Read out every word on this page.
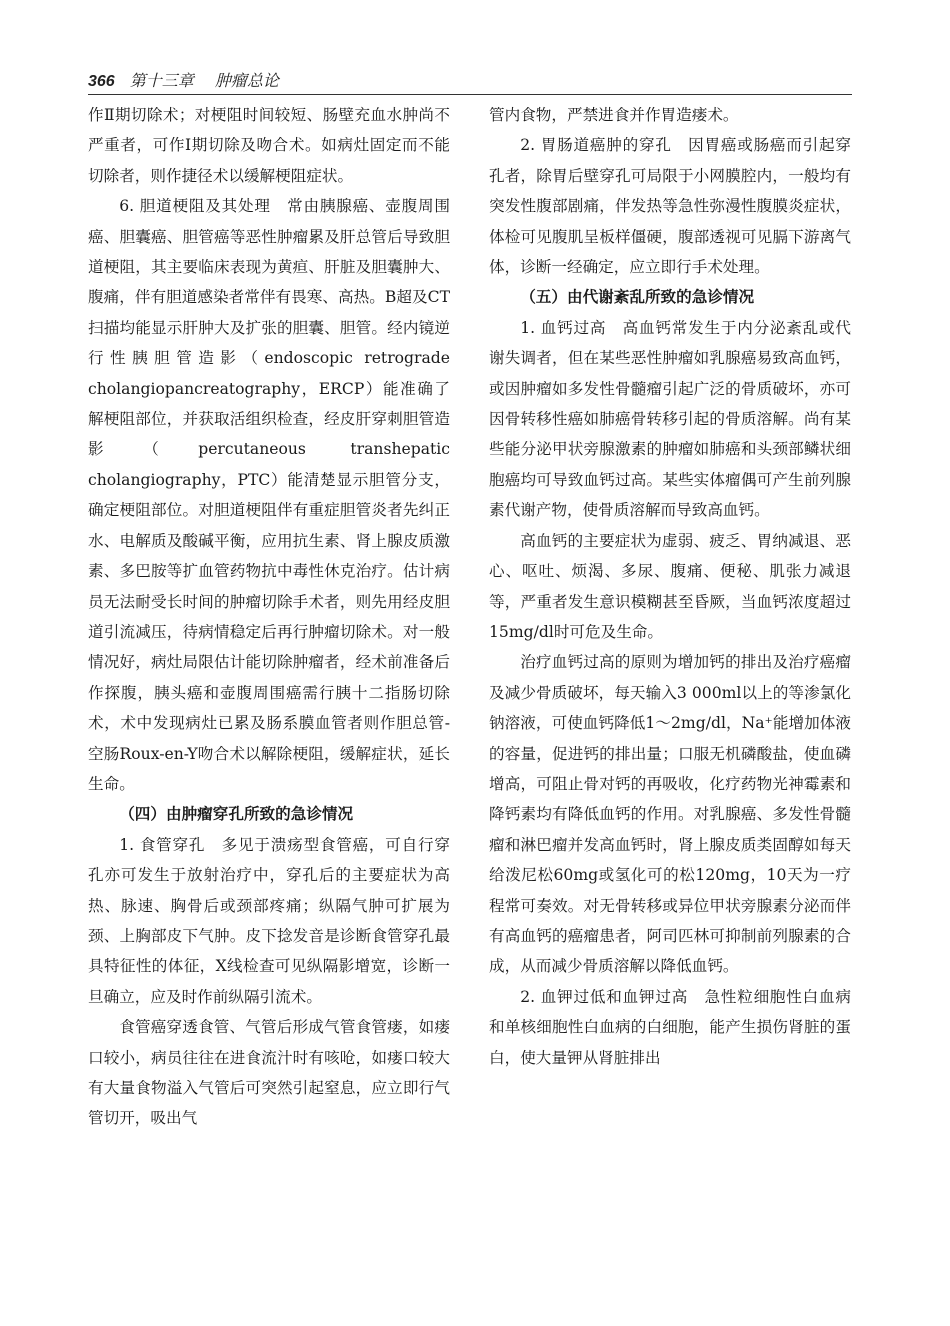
366 第十三章 肿瘤总论

作Ⅱ期切除术；对梗阻时间较短、肠壁充血水肿尚不严重者，可作Ⅰ期切除及吻合术。如病灶固定而不能切除者，则作捷径术以缓解梗阻症状。

6. 胆道梗阻及其处理　常由胰腺癌、壶腹周围癌、胆囊癌、胆管癌等恶性肿瘤累及肝总管后导致胆道梗阻，其主要临床表现为黄疸、肝脏及胆囊肿大、腹痛，伴有胆道感染者常伴有畏寒、高热。B超及CT扫描均能显示肝肿大及扩张的胆囊、胆管。经内镜逆行性胰胆管造影（endoscopic retrograde cholangiopancreatography，ERCP）能准确了解梗阻部位，并获取活组织检查，经皮肝穿刺胆管造影（percutaneous transhepatic cholangiography，PTC）能清楚显示胆管分支，确定梗阻部位。对胆道梗阻伴有重症胆管炎者先纠正水、电解质及酸碱平衡，应用抗生素、肾上腺皮质激素、多巴胺等扩血管药物抗中毒性休克治疗。估计病员无法耐受长时间的肿瘤切除手术者，则先用经皮胆道引流减压，待病情稳定后再行肿瘤切除术。对一般情况好，病灶局限估计能切除肿瘤者，经术前准备后作探腹，胰头癌和壶腹周围癌需行胰十二指肠切除术，术中发现病灶已累及肠系膜血管者则作胆总管-空肠Roux-en-Y吻合术以解除梗阻，缓解症状，延长生命。

（四）由肿瘤穿孔所致的急诊情况

1. 食管穿孔　多见于溃疡型食管癌，可自行穿孔亦可发生于放射治疗中，穿孔后的主要症状为高热、脉速、胸骨后或颈部疼痛；纵隔气肿可扩展为颈、上胸部皮下气肿。皮下捻发音是诊断食管穿孔最具特征性的体征，X线检查可见纵隔影增宽，诊断一旦确立，应及时作前纵隔引流术。

食管癌穿透食管、气管后形成气管食管瘘，如瘘口较小，病员往往在进食流汁时有咳呛，如瘘口较大有大量食物溢入气管后可突然引起窒息，应立即行气管切开，吸出气

管内食物，严禁进食并作胃造瘘术。

2. 胃肠道癌肿的穿孔　因胃癌或肠癌而引起穿孔者，除胃后壁穿孔可局限于小网膜腔内，一般均有突发性腹部剧痛，伴发热等急性弥漫性腹膜炎症状，体检可见腹肌呈板样僵硬，腹部透视可见膈下游离气体，诊断一经确定，应立即行手术处理。

（五）由代谢紊乱所致的急诊情况

1. 血钙过高　高血钙常发生于内分泌紊乱或代谢失调者，但在某些恶性肿瘤如乳腺癌易致高血钙，或因肿瘤如多发性骨髓瘤引起广泛的骨质破坏，亦可因骨转移性癌如肺癌骨转移引起的骨质溶解。尚有某些能分泌甲状旁腺激素的肿瘤如肺癌和头颈部鳞状细胞癌均可导致血钙过高。某些实体瘤偶可产生前列腺素代谢产物，使骨质溶解而导致高血钙。

高血钙的主要症状为虚弱、疲乏、胃纳减退、恶心、呕吐、烦渴、多尿、腹痛、便秘、肌张力减退等，严重者发生意识模糊甚至昏厥，当血钙浓度超过15mg/dl时可危及生命。

治疗血钙过高的原则为增加钙的排出及治疗癌瘤及减少骨质破坏，每天输入3 000ml以上的等渗氯化钠溶液，可使血钙降低1～2mg/dl，Na⁺能增加体液的容量，促进钙的排出量；口服无机磷酸盐，使血磷增高，可阻止骨对钙的再吸收，化疗药物光神霉素和降钙素均有降低血钙的作用。对乳腺癌、多发性骨髓瘤和淋巴瘤并发高血钙时，肾上腺皮质类固醇如每天给泼尼松60mg或氢化可的松120mg，10天为一疗程常可奏效。对无骨转移或异位甲状旁腺素分泌而伴有高血钙的癌瘤患者，阿司匹林可抑制前列腺素的合成，从而减少骨质溶解以降低血钙。

2. 血钾过低和血钾过高　急性粒细胞性白血病和单核细胞性白血病的白细胞，能产生损伤肾脏的蛋白，使大量钾从肾脏排出
